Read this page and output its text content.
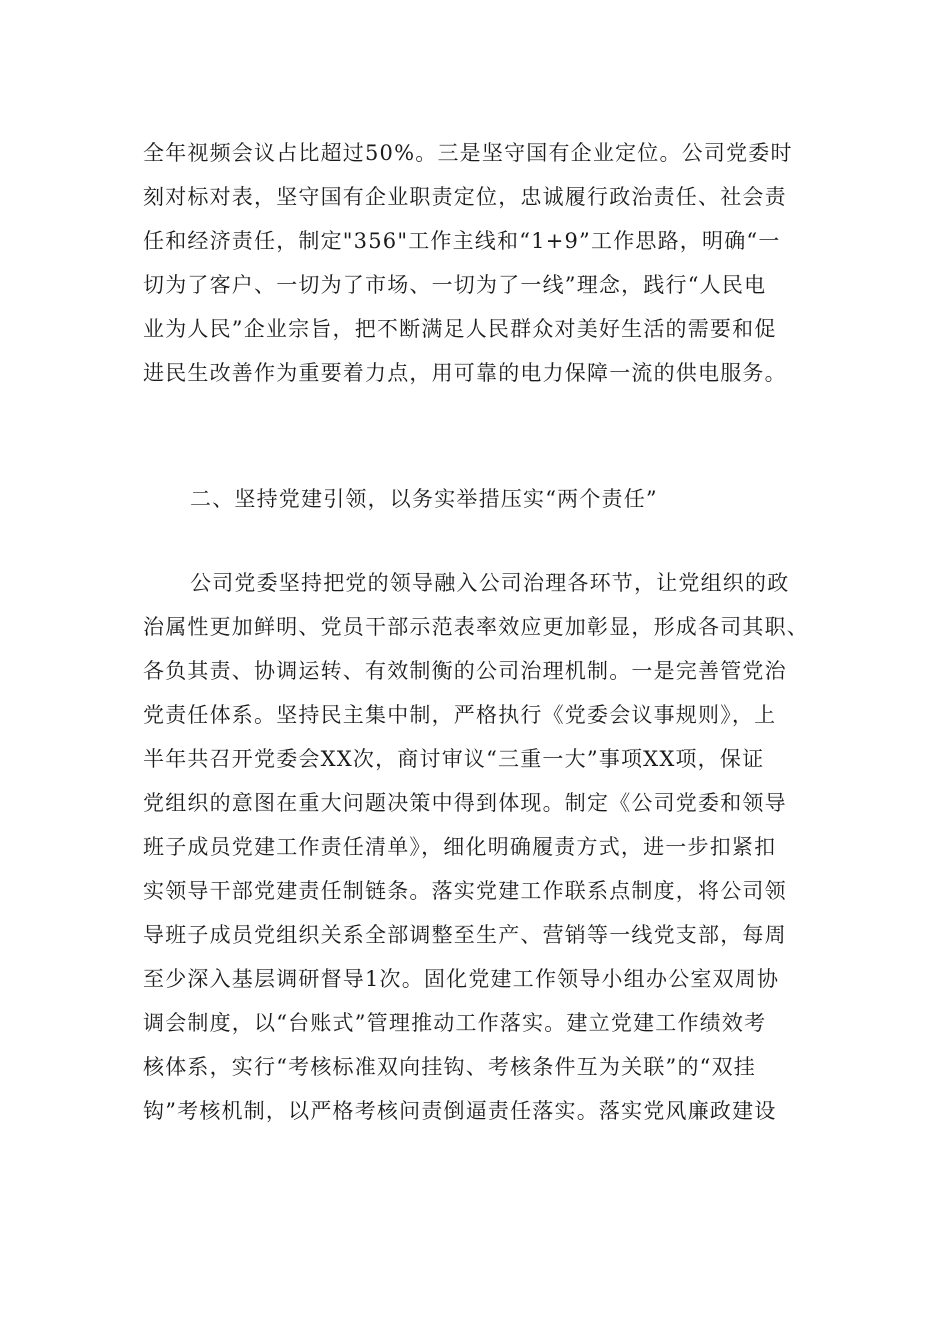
全年视频会议占比超过50%。三是坚守国有企业定位。公司党委时
刻对标对表，坚守国有企业职责定位，忠诚履行政治责任、社会责
任和经济责任，制定"356"工作主线和“1+9”工作思路，明确“一
切为了客户、一切为了市场、一切为了一线”理念，践行“人民电
业为人民”企业宗旨，把不断满足人民群众对美好生活的需要和促
进民生改善作为重要着力点，用可靠的电力保障一流的供电服务。
二、坚持党建引领，以务实举措压实“两个责任”
公司党委坚持把党的领导融入公司治理各环节，让党组织的政
治属性更加鲜明、党员干部示范表率效应更加彰显，形成各司其职、
各负其责、协调运转、有效制衡的公司治理机制。一是完善管党治
党责任体系。坚持民主集中制，严格执行《党委会议事规则》，上
半年共召开党委会XX次，商讨审议“三重一大”事项XX项，保证
党组织的意图在重大问题决策中得到体现。制定《公司党委和领导
班子成员党建工作责任清单》，细化明确履责方式，进一步扣紧扣
实领导干部党建责任制链条。落实党建工作联系点制度，将公司领
导班子成员党组织关系全部调整至生产、营销等一线党支部，每周
至少深入基层调研督导1次。固化党建工作领导小组办公室双周协
调会制度，以“台账式”管理推动工作落实。建立党建工作绩效考
核体系，实行“考核标准双向挂钩、考核条件互为关联”的“双挂
钩”考核机制，以严格考核问责倒逼责任落实。落实党风廉政建设
